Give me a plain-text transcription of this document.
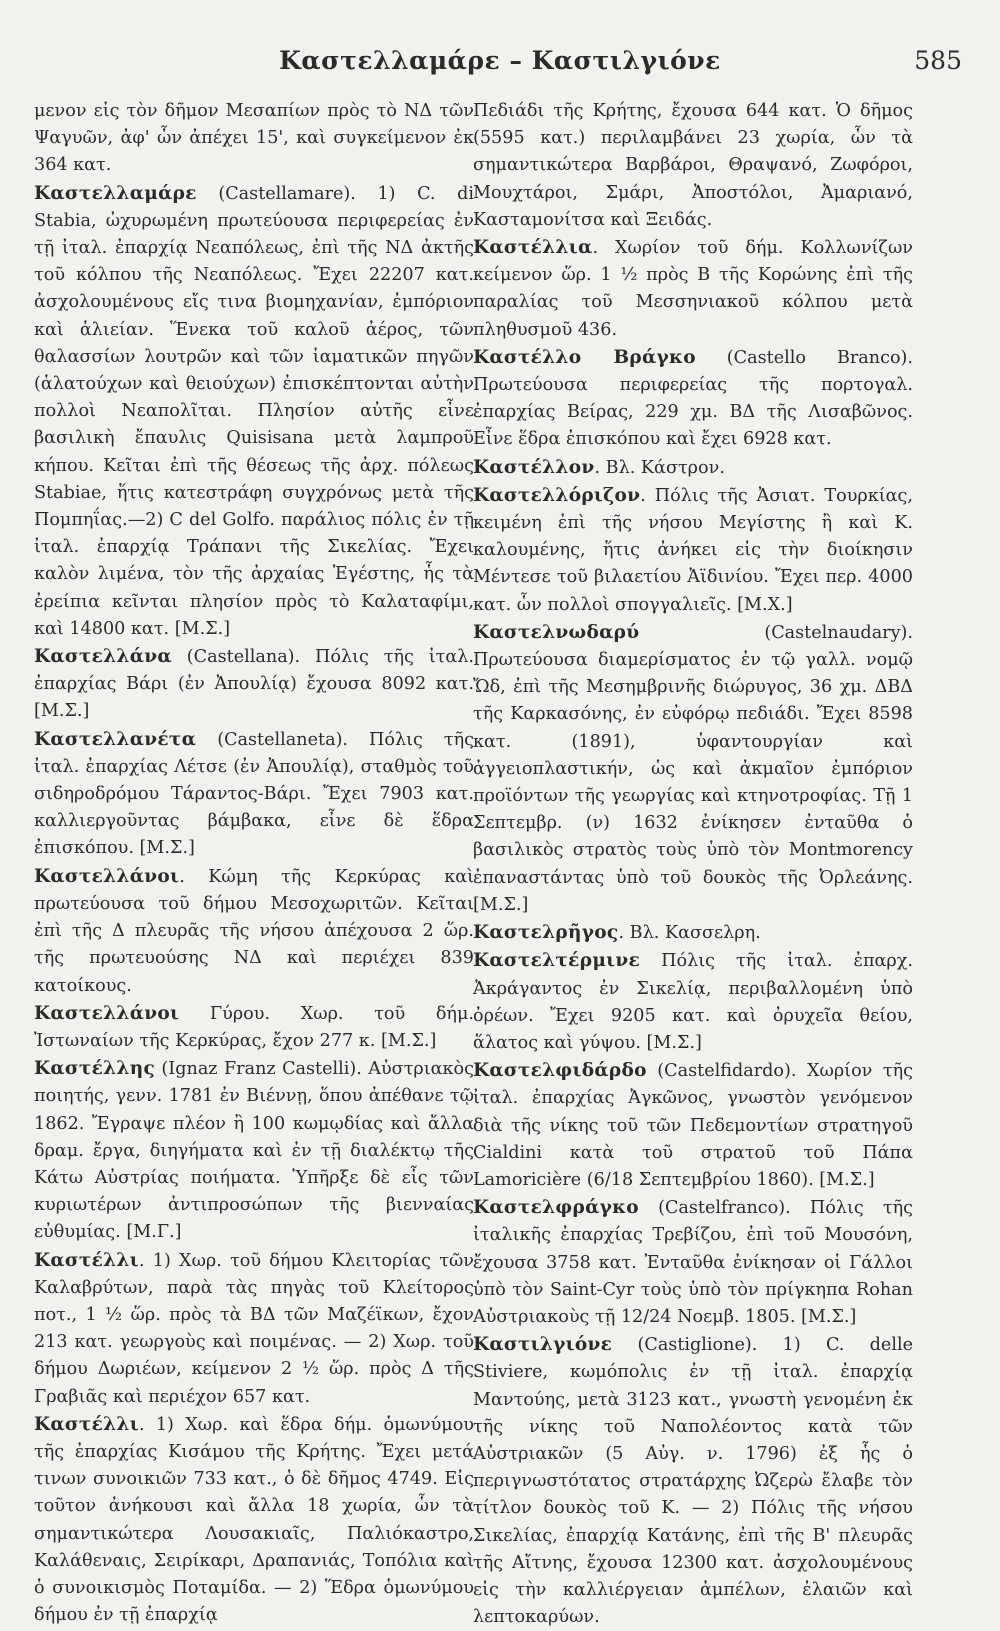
Καστελλαμάρε – Καστιλγιόνε	585

μενον εἰς τὸν δῆμον Μεσαπίων πρὸς τὸ ΝΔ τῶν Ψαγυῶν, ἀφ' ὧν ἀπέχει 15', καὶ συγκείμενον ἐκ 364 κατ.

Καστελλαμάρε (Castellamare). 1) C. di Stabia, ὠχυρωμένη πρωτεύουσα περιφερείας ἐν τῇ ἰταλ. ἐπαρχίᾳ Νεαπόλεως, ἐπὶ τῆς ΝΔ ἀκτῆς τοῦ κόλπου τῆς Νεαπόλεως. Ἔχει 22207 κατ. ἀσχολουμένους εἴς τινα βιομηχανίαν, ἐμπόριον καὶ ἁλιείαν. Ἕνεκα τοῦ καλοῦ ἀέρος, τῶν θαλασσίων λουτρῶν καὶ τῶν ἰαματικῶν πηγῶν (ἁλατούχων καὶ θειούχων) ἐπισκέπτονται αὐτὴν πολλοὶ Νεαπολῖται. Πλησίον αὐτῆς εἶνε βασιλικὴ ἔπαυλις Quisisana μετὰ λαμπροῦ κήπου. Κεῖται ἐπὶ τῆς θέσεως τῆς ἀρχ. πόλεως Stabiae, ἥτις κατεστράφη συγχρόνως μετὰ τῆς Πομπηΐας.—2) C del Golfo. παράλιος πόλις ἐν τῇ ἰταλ. ἐπαρχίᾳ Τράπανι τῆς Σικελίας. Ἔχει καλὸν λιμένα, τὸν τῆς ἀρχαίας Ἐγέστης, ἧς τὰ ἐρείπια κεῖνται πλησίον πρὸς τὸ Καλαταφίμι, καὶ 14800 κατ. [Μ.Σ.]

Καστελλάνα (Castellana). Πόλις τῆς ἰταλ. ἐπαρχίας Βάρι (ἐν Ἀπουλίᾳ) ἔχουσα 8092 κατ. [Μ.Σ.]

Καστελλανέτα (Castellaneta). Πόλις τῆς ἰταλ. ἐπαρχίας Λέτσε (ἐν Ἀπουλίᾳ), σταθμὸς τοῦ σιδηροδρόμου Τάραντος-Βάρι. Ἔχει 7903 κατ. καλλιεργοῦντας βάμβακα, εἶνε δὲ ἕδρα ἐπισκόπου. [Μ.Σ.]

Καστελλάνοι. Κώμη τῆς Κερκύρας καὶ πρωτεύουσα τοῦ δήμου Μεσοχωριτῶν. Κεῖται ἐπὶ τῆς Δ πλευρᾶς τῆς νήσου ἀπέχουσα 2 ὥρ. τῆς πρωτευούσης ΝΔ καὶ περιέχει 839 κατοίκους.

Καστελλάνοι Γύρου. Χωρ. τοῦ δήμ. Ἰστωναίων τῆς Κερκύρας, ἔχον 277 κ. [Μ.Σ.]

Καστέλλης (Ignaz Franz Castelli). Αὐστριακὸς ποιητής, γενν. 1781 ἐν Βιέννῃ, ὅπου ἀπέθανε τῷ 1862. Ἔγραψε πλέον ἢ 100 κωμῳδίας καὶ ἄλλα δραμ. ἔργα, διηγήματα καὶ ἐν τῇ διαλέκτῳ τῆς Κάτω Αὐστρίας ποιήματα. Ὑπῆρξε δὲ εἷς τῶν κυριωτέρων ἀντιπροσώπων τῆς βιενναίας εὐθυμίας. [Μ.Γ.]

Καστέλλι. 1) Χωρ. τοῦ δήμου Κλειτορίας τῶν Καλαβρύτων, παρὰ τὰς πηγὰς τοῦ Κλείτορος ποτ., 1 ½ ὥρ. πρὸς τὰ ΒΔ τῶν Μαζέϊκων, ἔχον 213 κατ. γεωργοὺς καὶ ποιμένας. — 2) Χωρ. τοῦ δήμου Δωριέων, κείμενον 2 ½ ὥρ. πρὸς Δ τῆς Γραβιᾶς καὶ περιέχον 657 κατ.

Καστέλλι. 1) Χωρ. καὶ ἕδρα δήμ. ὁμωνύμου τῆς ἐπαρχίας Κισάμου τῆς Κρήτης. Ἔχει μετά τινων συνοικιῶν 733 κατ., ὁ δὲ δῆμος 4749. Εἰς τοῦτον ἀνήκουσι καὶ ἄλλα 18 χωρία, ὧν τὰ σημαντικώτερα Λουσακιαῖς, Παλιόκαστρο, Καλάθεναις, Σειρίκαρι, Δραπανιάς, Τοπόλια καὶ ὁ συνοικισμὸς Ποταμίδα. — 2) Ἕδρα ὁμωνύμου δήμου ἐν τῇ ἐπαρχίᾳ

Πεδιάδι τῆς Κρήτης, ἔχουσα 644 κατ. Ὁ δῆμος (5595 κατ.) περιλαμβάνει 23 χωρία, ὧν τὰ σημαντικώτερα Βαρβάροι, Θραψανό, Ζωφόροι, Μουχτάροι, Σμάρι, Ἀποστόλοι, Ἀμαριανό, Κασταμονίτσα καὶ Ξειδάς.

Καστέλλια. Χωρίον τοῦ δήμ. Κολλωνίζων κείμενον ὥρ. 1 ½ πρὸς Β τῆς Κορώνης ἐπὶ τῆς παραλίας τοῦ Μεσσηνιακοῦ κόλπου μετὰ πληθυσμοῦ 436.

Καστέλλο Βράγκο (Castello Branco). Πρωτεύουσα περιφερείας τῆς πορτογαλ. ἐπαρχίας Βείρας, 229 χμ. ΒΔ τῆς Λισαβῶνος. Εἶνε ἕδρα ἐπισκόπου καὶ ἔχει 6928 κατ.

Καστέλλον. Βλ. Κάστρον.

Καστελλόριζον. Πόλις τῆς Ἀσιατ. Τουρκίας, κειμένη ἐπὶ τῆς νήσου Μεγίστης ἢ καὶ Κ. καλουμένης, ἥτις ἀνήκει εἰς τὴν διοίκησιν Μέντεσε τοῦ βιλαετίου Ἀϊδινίου. Ἔχει περ. 4000 κατ. ὧν πολλοὶ σπογγαλιεῖς. [Μ.Χ.]

Καστελνωδαρύ (Castelnaudary). Πρωτεύουσα διαμερίσματος ἐν τῷ γαλλ. νομῷ Ὤδ, ἐπὶ τῆς Μεσημβρινῆς διώρυγος, 36 χμ. ΔΒΔ τῆς Καρκασόνης, ἐν εὐφόρῳ πεδιάδι. Ἔχει 8598 κατ. (1891), ὑφαντουργίαν καὶ ἀγγειοπλαστικήν, ὡς καὶ ἀκμαῖον ἐμπόριον προϊόντων τῆς γεωργίας καὶ κτηνοτροφίας. Τῇ 1 Σεπτεμβρ. (ν) 1632 ἐνίκησεν ἐνταῦθα ὁ βασιλικὸς στρατὸς τοὺς ὑπὸ τὸν Montmorency ἐπαναστάντας ὑπὸ τοῦ δουκὸς τῆς Ὀρλεάνης. [Μ.Σ.]

Καστελρῆγος. Βλ. Κασσελρη.

Καστελτέρμινε Πόλις τῆς ἰταλ. ἐπαρχ. Ἀκράγαντος ἐν Σικελίᾳ, περιβαλλομένη ὑπὸ ὀρέων. Ἔχει 9205 κατ. καὶ ὀρυχεῖα θείου, ἅλατος καὶ γύψου. [Μ.Σ.]

Καστελφιδάρδο (Castelfidardo). Χωρίον τῆς ἰταλ. ἐπαρχίας Ἀγκῶνος, γνωστὸν γενόμενον διὰ τῆς νίκης τοῦ τῶν Πεδεμοντίων στρατηγοῦ Cialdini κατὰ τοῦ στρατοῦ τοῦ Πάπα Lamoricière (6/18 Σεπτεμβρίου 1860). [Μ.Σ.]

Καστελφράγκο (Castelfranco). Πόλις τῆς ἰταλικῆς ἐπαρχίας Τρεβίζου, ἐπὶ τοῦ Μουσόνη, ἔχουσα 3758 κατ. Ἐνταῦθα ἐνίκησαν οἱ Γάλλοι ὑπὸ τὸν Saint-Cyr τοὺς ὑπὸ τὸν πρίγκηπα Rohan Αὐστριακοὺς τῇ 12/24 Νοεμβ. 1805. [Μ.Σ.]

Καστιλγιόνε (Castiglione). 1) C. delle Stiviere, κωμόπολις ἐν τῇ ἰταλ. ἐπαρχίᾳ Μαντούης, μετὰ 3123 κατ., γνωστὴ γενομένη ἐκ τῆς νίκης τοῦ Ναπολέοντος κατὰ τῶν Αὐστριακῶν (5 Αὐγ. ν. 1796) ἐξ ἧς ὁ περιγνωστότατος στρατάρχης Ὠζερὼ ἔλαβε τὸν τίτλον δουκὸς τοῦ Κ. — 2) Πόλις τῆς νήσου Σικελίας, ἐπαρχίᾳ Κατάνης, ἐπὶ τῆς Β' πλευρᾶς τῆς Αἴτνης, ἔχουσα 12300 κατ. ἀσχολουμένους εἰς τὴν καλλιέργειαν ἀμπέλων, ἐλαιῶν καὶ λεπτοκαρύων.
